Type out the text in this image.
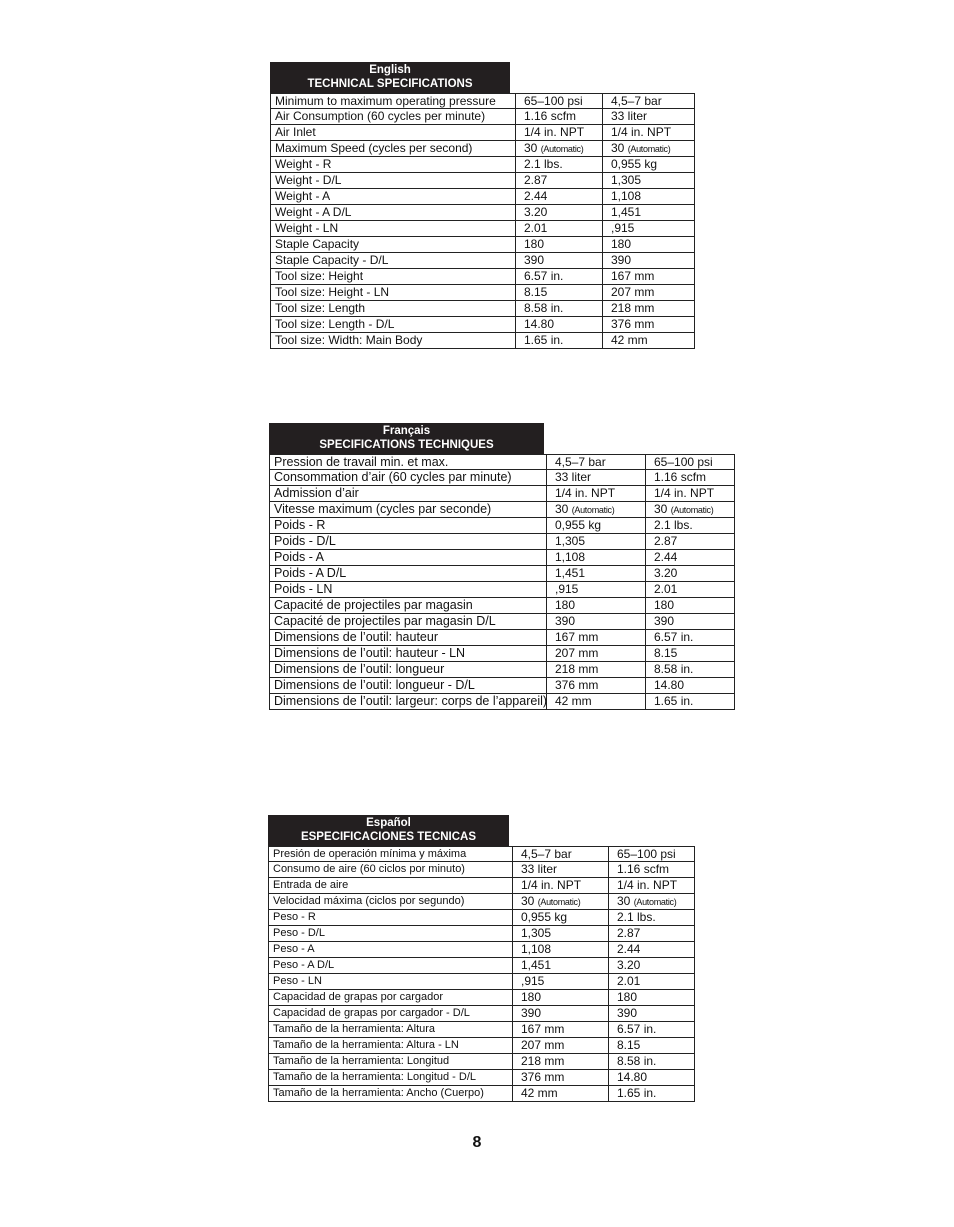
English
TECHNICAL SPECIFICATIONS
Minimum to maximum operating pressure	65–100 psi	4,5–7 bar
Air Consumption (60 cycles per minute)	1.16 scfm	33 liter
Air Inlet	1/4 in. NPT	1/4 in. NPT
Maximum Speed (cycles per second)	30 (Automatic)	30 (Automatic)
Weight - R	2.1 lbs.	0,955 kg
Weight - D/L	2.87	1,305
Weight - A	2.44	1,108
Weight - A D/L	3.20	1,451
Weight - LN	2.01	,915
Staple Capacity	180	180
Staple Capacity - D/L	390	390
Tool size: Height	6.57 in.	167 mm
Tool size: Height - LN	8.15	207 mm
Tool size: Length	8.58 in.	218 mm
Tool size: Length - D/L	14.80	376 mm
Tool size: Width: Main Body	1.65 in.	42 mm
Français
SPECIFICATIONS TECHNIQUES
Pression de travail min. et max.	4,5–7 bar	65–100 psi
Consommation d’air (60 cycles par minute)	33 liter	1.16 scfm
Admission d’air	1/4 in. NPT	1/4 in. NPT
Vitesse maximum (cycles par seconde)	30 (Automatic)	30 (Automatic)
Poids - R	0,955 kg	2.1 lbs.
Poids - D/L	1,305	2.87
Poids - A	1,108	2.44
Poids - A D/L	1,451	3.20
Poids - LN	,915	2.01
Capacité de projectiles par magasin	180	180
Capacité de projectiles par magasin D/L	390	390
Dimensions de l’outil: hauteur	167 mm	6.57 in.
Dimensions de l’outil: hauteur - LN	207 mm	8.15
Dimensions de l’outil: longueur	218 mm	8.58 in.
Dimensions de l’outil: longueur - D/L	376 mm	14.80
Dimensions de l’outil: largeur: corps de l’appareil) 42 mm	1.65 in.
Español
ESPECIFICACIONES TECNICAS
Presión de operación mínima y máxima	4,5–7 bar	65–100 psi
Consumo de aire (60 ciclos por minuto)	33 liter	1.16 scfm
Entrada de aire	1/4 in. NPT	1/4 in. NPT
Velocidad máxima (ciclos por segundo)	30 (Automatic)	30 (Automatic)
Peso - R	0,955 kg	2.1 lbs.
Peso - D/L	1,305	2.87
Peso - A	1,108	2.44
Peso - A D/L	1,451	3.20
Peso - LN	,915	2.01
Capacidad de grapas por cargador	180	180
Capacidad de grapas por cargador - D/L	390	390
Tamaño de la herramienta: Altura	167 mm	6.57 in.
Tamaño de la herramienta: Altura - LN	207 mm	8.15
Tamaño de la herramienta: Longitud	218 mm	8.58 in.
Tamaño de la herramienta: Longitud - D/L	376 mm	14.80
Tamaño de la herramienta: Ancho (Cuerpo)	42 mm	1.65 in.
8
